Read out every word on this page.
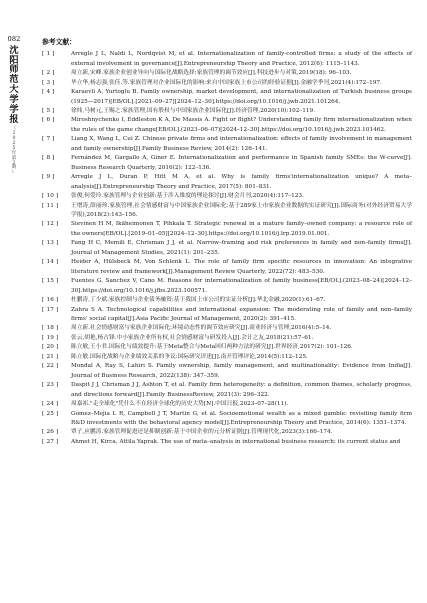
082
沈
阳
师
范
大
学
学
报
（
2
0
2
5
年
第
2
期
）
参考文献：
[ 1 ]	Arregle J L, Naldi L, Nordqvist M, et al. Internationalization of family-controlled firms: a study of the effects of external involvement in governance[J].Entrepreneurship Theory and Practice, 2012(6): 1115–1143.
[ 2 ]	周立新,宋峰.家族企业创业导向与国际化战略选择:家族管理的调节效应[J].科技进步与对策,2019(18): 96–103.
[ 3 ]	毕立华,杨志强,张佳.等.家族管理对企业国际化的影响:来自中国家族上市公司的经验证据[J].金融学季刊,2021(4):172–197.
[ 4 ]	Karaevli A, Yurtoglu B. Family ownership, market development, and internationalization of Turkish business groups (1925—2017)[EB/OL].[2021–09–27][2024–12–30].https://doi.org/10.1016/j.jwb.2021.101264.
[ 5 ]	徐炜,马树元,王赐之.家族管理,国有股权与中国家族企业国际化[J].经济管理,2020(10):102–119.
[ 6 ]	Miroshnychenko I, Eddleston K A, De Massis A. Fight or flight? Understanding family firm internationalization when the rules of the game change[EB/OL].(2023–06–07)[2024–12–30].https://doi.org/10.1016/j.jwb.2023.101462.
[ 7 ]	Liang X, Wang L, Cui Z. Chinese private firms and internationalization: effects of family involvement in management and family ownership[J].Family Business Review, 2014(2): 126–141.
[ 8 ]	Fernández M, Gargallo A, Giner E. Internationalization and performance in Spanish family SMEs: the W-curve[J]. Business Research Quarterly, 2016(2): 122–136.
[ 9 ]	Arregle J L, Duran P, Hitt M A, et al. Why is family firms'internationalization unique? A meta–analysis[J].Entrepreneurship Theory and Practice, 2017(5): 801–831.
[ 10 ]	张俊,何爱玲.家族管理与企业创新:基于涉入维度的理论探讨[J].财会月刊,2020(4):117–123.
[ 11 ]	王增涛,薛丽珍.家族管理,社会情感财富与中国家族企业国际化:基于289家上市家族企业数据的实证研究[J].国际商务(对外经济贸易大学学报),2018(2):143–156.
[ 12 ]	Sievinen H M, Ikäheimonen T, Pihkala T. Strategic renewal in a mature family–owned company: a resource role of the owners[EB/OL].[2019–01–05][2024–12–30].https://doi.org/10.1016/j.lrp.2019.01.001.
[ 13 ]	Fang H C, Memili E, Chrisman J J, et al. Narrow–framing and risk preferences in family and non–family firms[J]. Journal of Management Studies, 2021(1): 201–235.
[ 14 ]	Heider A, Hülsbeck M, Von Schlenk L. The role of family firm specific resources in innovation: An integrative literature review and framework[J].Management Review Quarterly, 2022(72): 483–530.
[ 15 ]	Fuentes G, Sanchez V, Cano M. Reasons for internationalization of family business[EB/OL].(2023–08–24)[2024–12–30].https://doi.org/10.1016/j.jfbs.2023.100571.
[ 16 ]	杜鹏涛,丁少斌.家族控制与企业债务融资:基于我国上市公司的实证分析[J].华北金融,2020(1):61–67.
[ 17 ]	Zahra S A. Technological capabilities and international expansion: The moderating role of family and non–family firms' social capital[J].Asia Pacific Journal of Management, 2020(2): 391–415.
[ 18 ]	周立新.社会情感财富与家族企业国际化:环境动态性的调节效应研究[J].商业经济与管理,2016(4):5–14.
[ 19 ]	张云,胡艳,杨占锋.中小家族企业所有权,社会情感财富与研发投入[J].会计之友,2018(21):57–61.
[ 20 ]	陈立敏,王小君.国际化与绩效提升:基于Meta整合与Meta回归两种方法的研究[J].世界经济,2017(2): 101–126.
[ 21 ]	陈立敏.国际化战略与企业绩效关系的争议:国际研究评述[J].南开管理评论,2014(5):112–125.
[ 22 ]	Mondal A, Ray S, Lahiri S. Family ownership, family management, and multinationality: Evidence from India[J]. Journal of Business Research, 2022(138): 347–359.
[ 23 ]	Daspit J J, Chrisman J J, Ashton T, et al. Family firm heterogeneity: a definition, common themes, scholarly progress, and directions forward[J].Family BusinessReview, 2021(3): 296–322.
[ 24 ]	周嘉祁."走全球化"凭什么不在经济全球化的历史大势[N].中国日报,2023–07–28(11).
[ 25 ]	Gomez–Mejia L R, Campbell J T, Martin G, et al. Socioemotional wealth as a mixed gamble: revisiting family firm R&D investments with the behavioral agency model[J].Entrepreneurship Theory and Practice, 2014(6): 1351–1374.
[ 26 ]	覃子,应鹏涛.家族管理促进还是抑制创新:基于中国企业的元分析证据[J].管理现代化,2023(3):166–174.
[ 27 ]	Ahmet H, Kirca, Attila Yaprak. The use of meta–analysis in international business research: its current status and
